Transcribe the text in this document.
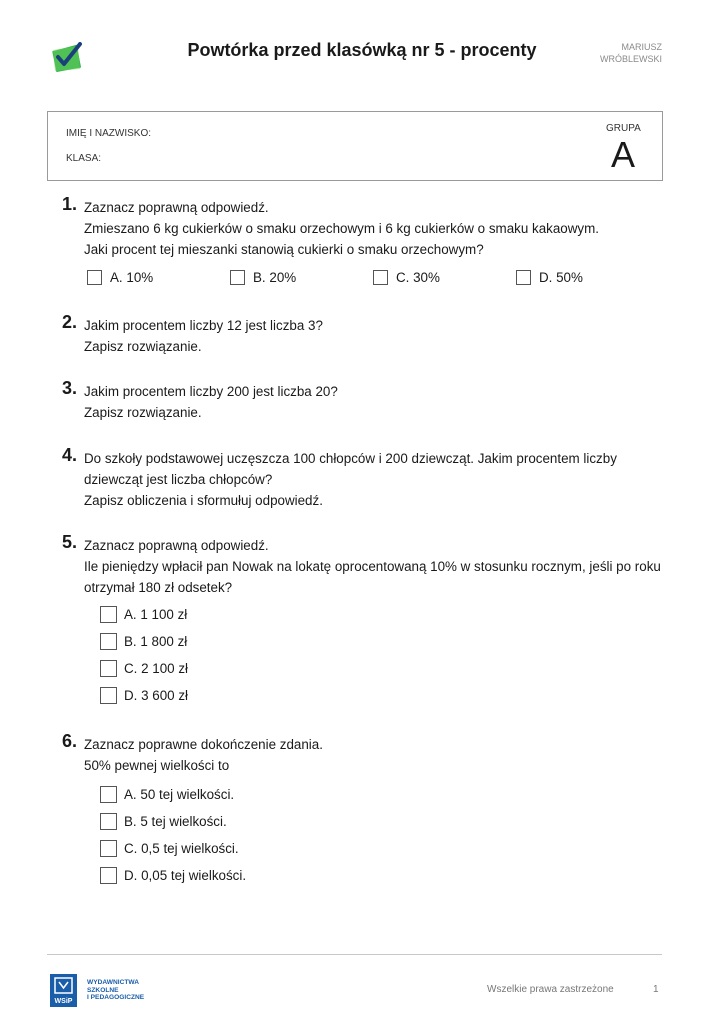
Powtórka przed klasówką nr 5 - procenty	MARIUSZ
WRÓBLEWSKI
IMIĘ I NAZWISKO:
KLASA:
GRUPA
A
1. Zaznacz poprawną odpowiedź.
Zmieszano 6 kg cukierków o smaku orzechowym i 6 kg cukierków o smaku kakaowym.
Jaki procent tej mieszanki stanowią cukierki o smaku orzechowym?
A. 10%	B. 20%	C. 30%	D. 50%
2. Jakim procentem liczby 12 jest liczba 3?
Zapisz rozwiązanie.
3. Jakim procentem liczby 200 jest liczba 20?
Zapisz rozwiązanie.
4. Do szkoły podstawowej uczęszcza 100 chłopców i 200 dziewcząt. Jakim procentem liczby
dziewcząt jest liczba chłopców?
Zapisz obliczenia i sformułuj odpowiedź.
5. Zaznacz poprawną odpowiedź.
Ile pieniędzy wpłacił pan Nowak na lokatę oprocentowaną 10% w stosunku rocznym, jeśli po roku
otrzymał 180 zł odsetek?
A. 1 100 zł
B. 1 800 zł
C. 2 100 zł
D. 3 600 zł
6. Zaznacz poprawne dokończenie zdania.
50% pewnej wielkości to
A. 50 tej wielkości.
B. 5 tej wielkości.
C. 0,5 tej wielkości.
D. 0,05 tej wielkości.
WSiP
WYDAWNICTWA
SZKOLNE
I PEDAGOGICZNE
Wszelkie prawa zastrzeżone	1
